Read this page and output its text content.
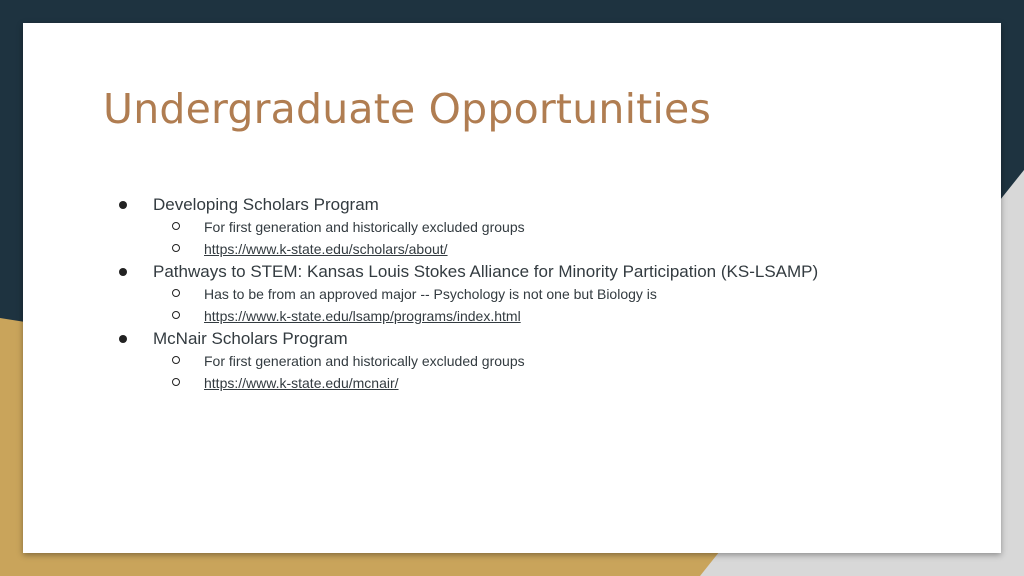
Undergraduate Opportunities
Developing Scholars Program
For first generation and historically excluded groups
https://www.k-state.edu/scholars/about/
Pathways to STEM: Kansas Louis Stokes Alliance for Minority Participation (KS-LSAMP)
Has to be from an approved major -- Psychology is not one but Biology is
https://www.k-state.edu/lsamp/programs/index.html
McNair Scholars Program
For first generation and historically excluded groups
https://www.k-state.edu/mcnair/
